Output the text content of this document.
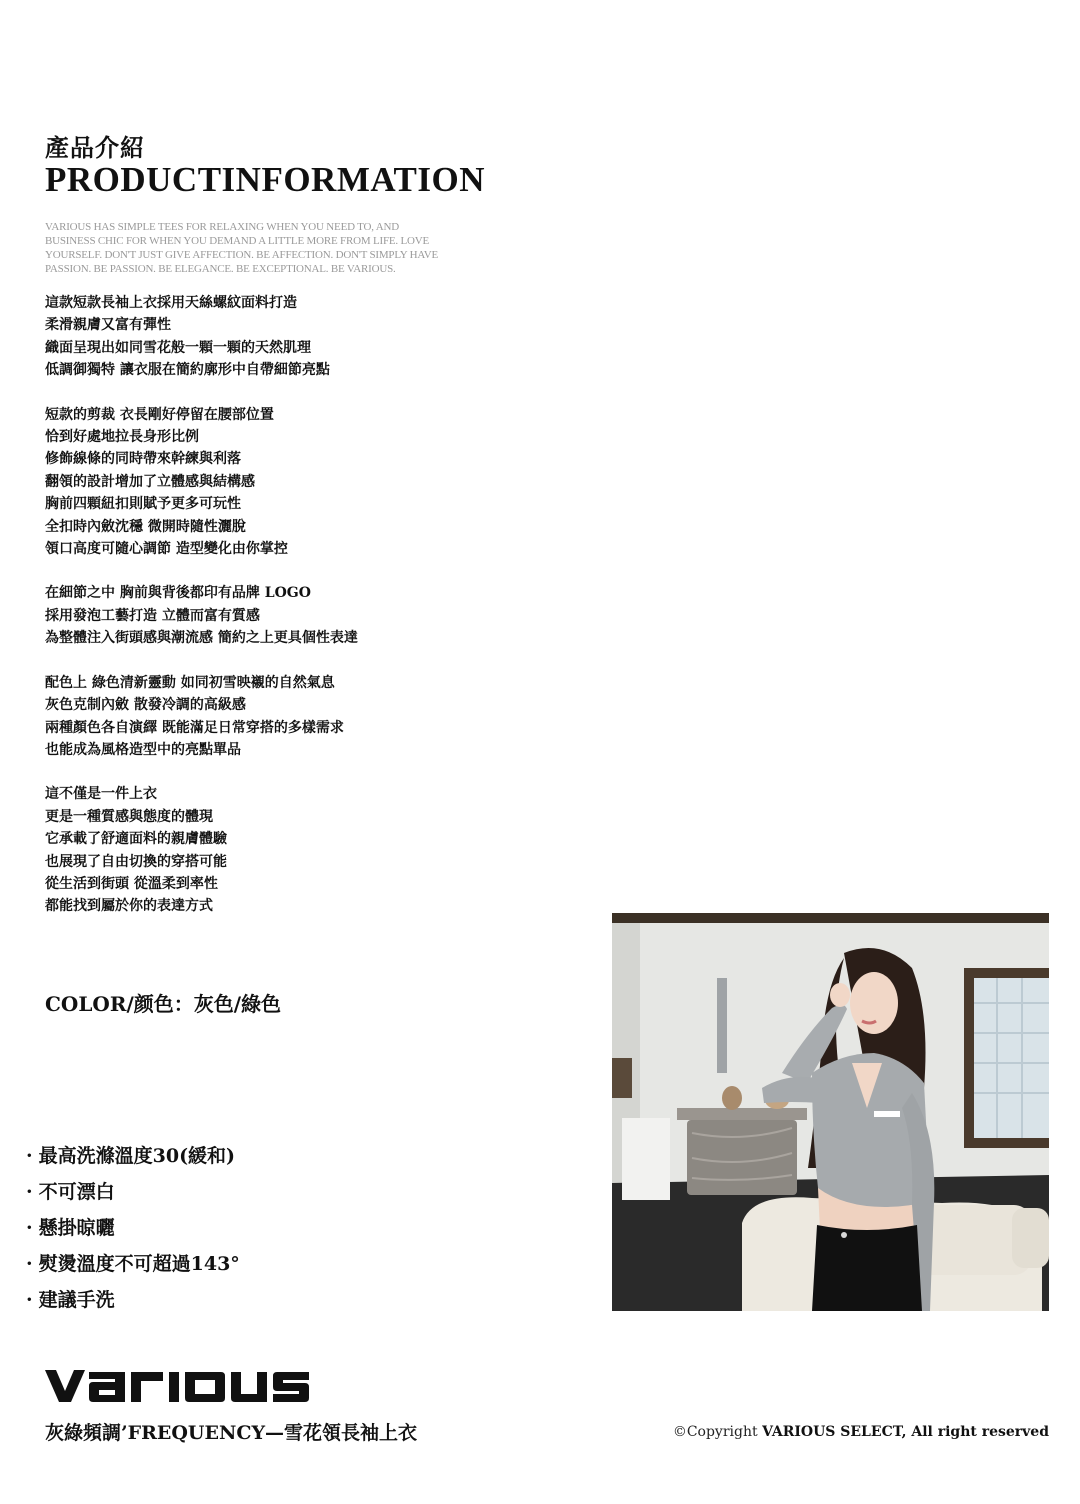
產品介紹
PRODUCTINFORMATION
VARIOUS HAS SIMPLE TEES FOR RELAXING WHEN YOU NEED TO, AND
BUSINESS CHIC FOR WHEN YOU DEMAND A LITTLE MORE FROM LIFE. LOVE
YOURSELF. DON'T JUST GIVE AFFECTION. BE AFFECTION. DON'T SIMPLY HAVE
PASSION. BE PASSION. BE ELEGANCE. BE EXCEPTIONAL. BE VARIOUS.
這款短款長袖上衣採用天絲螺紋面料打造
柔滑親膚又富有彈性
織面呈現出如同雪花般一顆一顆的天然肌理
低調御獨特 讓衣服在簡約廓形中自帶細節亮點
短款的剪裁 衣長剛好停留在腰部位置
恰到好處地拉長身形比例
修飾線條的同時帶來幹練與利落
翻領的設計增加了立體感與結構感
胸前四顆紐扣則賦予更多可玩性
全扣時內斂沈穩 微開時隨性灑脫
領口高度可隨心調節 造型變化由你掌控
在細節之中 胸前與背後都印有品牌 LOGO
採用發泡工藝打造 立體而富有質感
為整體注入街頭感與潮流感 簡約之上更具個性表達
配色上 綠色清新靈動 如同初雪映襯的自然氣息
灰色克制內斂 散發冷調的高級感
兩種顏色各自演繹 既能滿足日常穿搭的多樣需求
也能成為風格造型中的亮點單品
這不僅是一件上衣
更是一種質感與態度的體現
它承載了舒適面料的親膚體驗
也展現了自由切換的穿搭可能
從生活到街頭 從溫柔到率性
都能找到屬於你的表達方式
COLOR/颜色：灰色/綠色
· 最高洗滌溫度30(緩和)
· 不可漂白
· 懸掛晾曬
· 熨燙溫度不可超過143°
· 建議手洗
灰綠頻調’FREQUENCY—雪花領長袖上衣	©Copyright VARIOUS SELECT, All right reserved
